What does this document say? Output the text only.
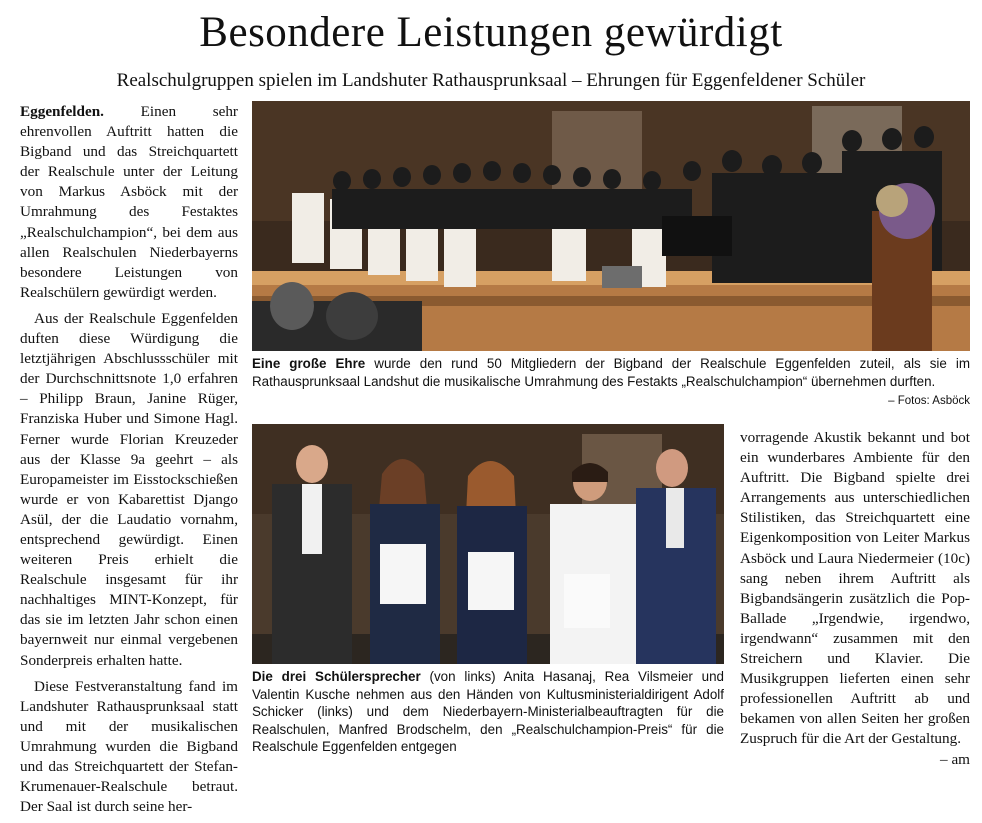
Besondere Leistungen gewürdigt
Realschulgruppen spielen im Landshuter Rathausprunksaal – Ehrungen für Eggenfeldener Schüler

Eggenfelden. Einen sehr ehrenvollen Auftritt hatten die Bigband und das Streichquartett der Realschule unter der Leitung von Markus Asböck mit der Umrahmung des Festaktes „Realschulchampion“, bei dem aus allen Realschulen Niederbayerns besondere Leistungen von Realschülern gewürdigt werden.

Aus der Realschule Eggenfelden duften diese Würdigung die letztjährigen Abschlussschüler mit der Durchschnittsnote 1,0 erfahren – Philipp Braun, Janine Rüger, Franziska Huber und Simone Hagl. Ferner wurde Florian Kreuzeder aus der Klasse 9a geehrt – als Europameister im Eisstockschießen wurde er von Kabarettist Django Asül, der die Laudatio vornahm, entsprechend gewürdigt. Einen weiteren Preis erhielt die Realschule insgesamt für ihr nachhaltiges MINT-Konzept, für das sie im letzten Jahr schon einen bayernweit nur einmal vergebenen Sonderpreis erhalten hatte.

Diese Festveranstaltung fand im Landshuter Rathausprunksaal statt und mit der musikalischen Umrahmung wurden die Bigband und das Streichquartett der Stefan-Krumenauer-Realschule betraut. Der Saal ist durch seine her-

Eine große Ehre wurde den rund 50 Mitgliedern der Bigband der Realschule Eggenfelden zuteil, als sie im Rathausprunksaal Landshut die musikalische Umrahmung des Festakts „Realschulchampion“ übernehmen durften.
– Fotos: Asböck
Die drei Schülersprecher (von links) Anita Hasanaj, Rea Vilsmeier und Valentin Kusche nehmen aus den Händen von Kultusministerialdirigent Adolf Schicker (links) und dem Niederbayern-Ministerialbeauftragten für die Realschulen, Manfred Brodschelm, den „Realschulchampion-Preis“ für die Realschule Eggenfelden entgegen

vorragende Akustik bekannt und bot ein wunderbares Ambiente für den Auftritt. Die Bigband spielte drei Arrangements aus unterschiedlichen Stilistiken, das Streichquartett eine Eigenkomposition von Leiter Markus Asböck und Laura Niedermeier (10c) sang neben ihrem Auftritt als Bigbandsängerin zusätzlich die Pop-Ballade „Irgendwie, irgendwo, irgendwann“ zusammen mit den Streichern und Klavier. Die Musikgruppen lieferten einen sehr professionellen Auftritt ab und bekamen von allen Seiten her großen Zuspruch für die Art der Gestaltung.
– am
